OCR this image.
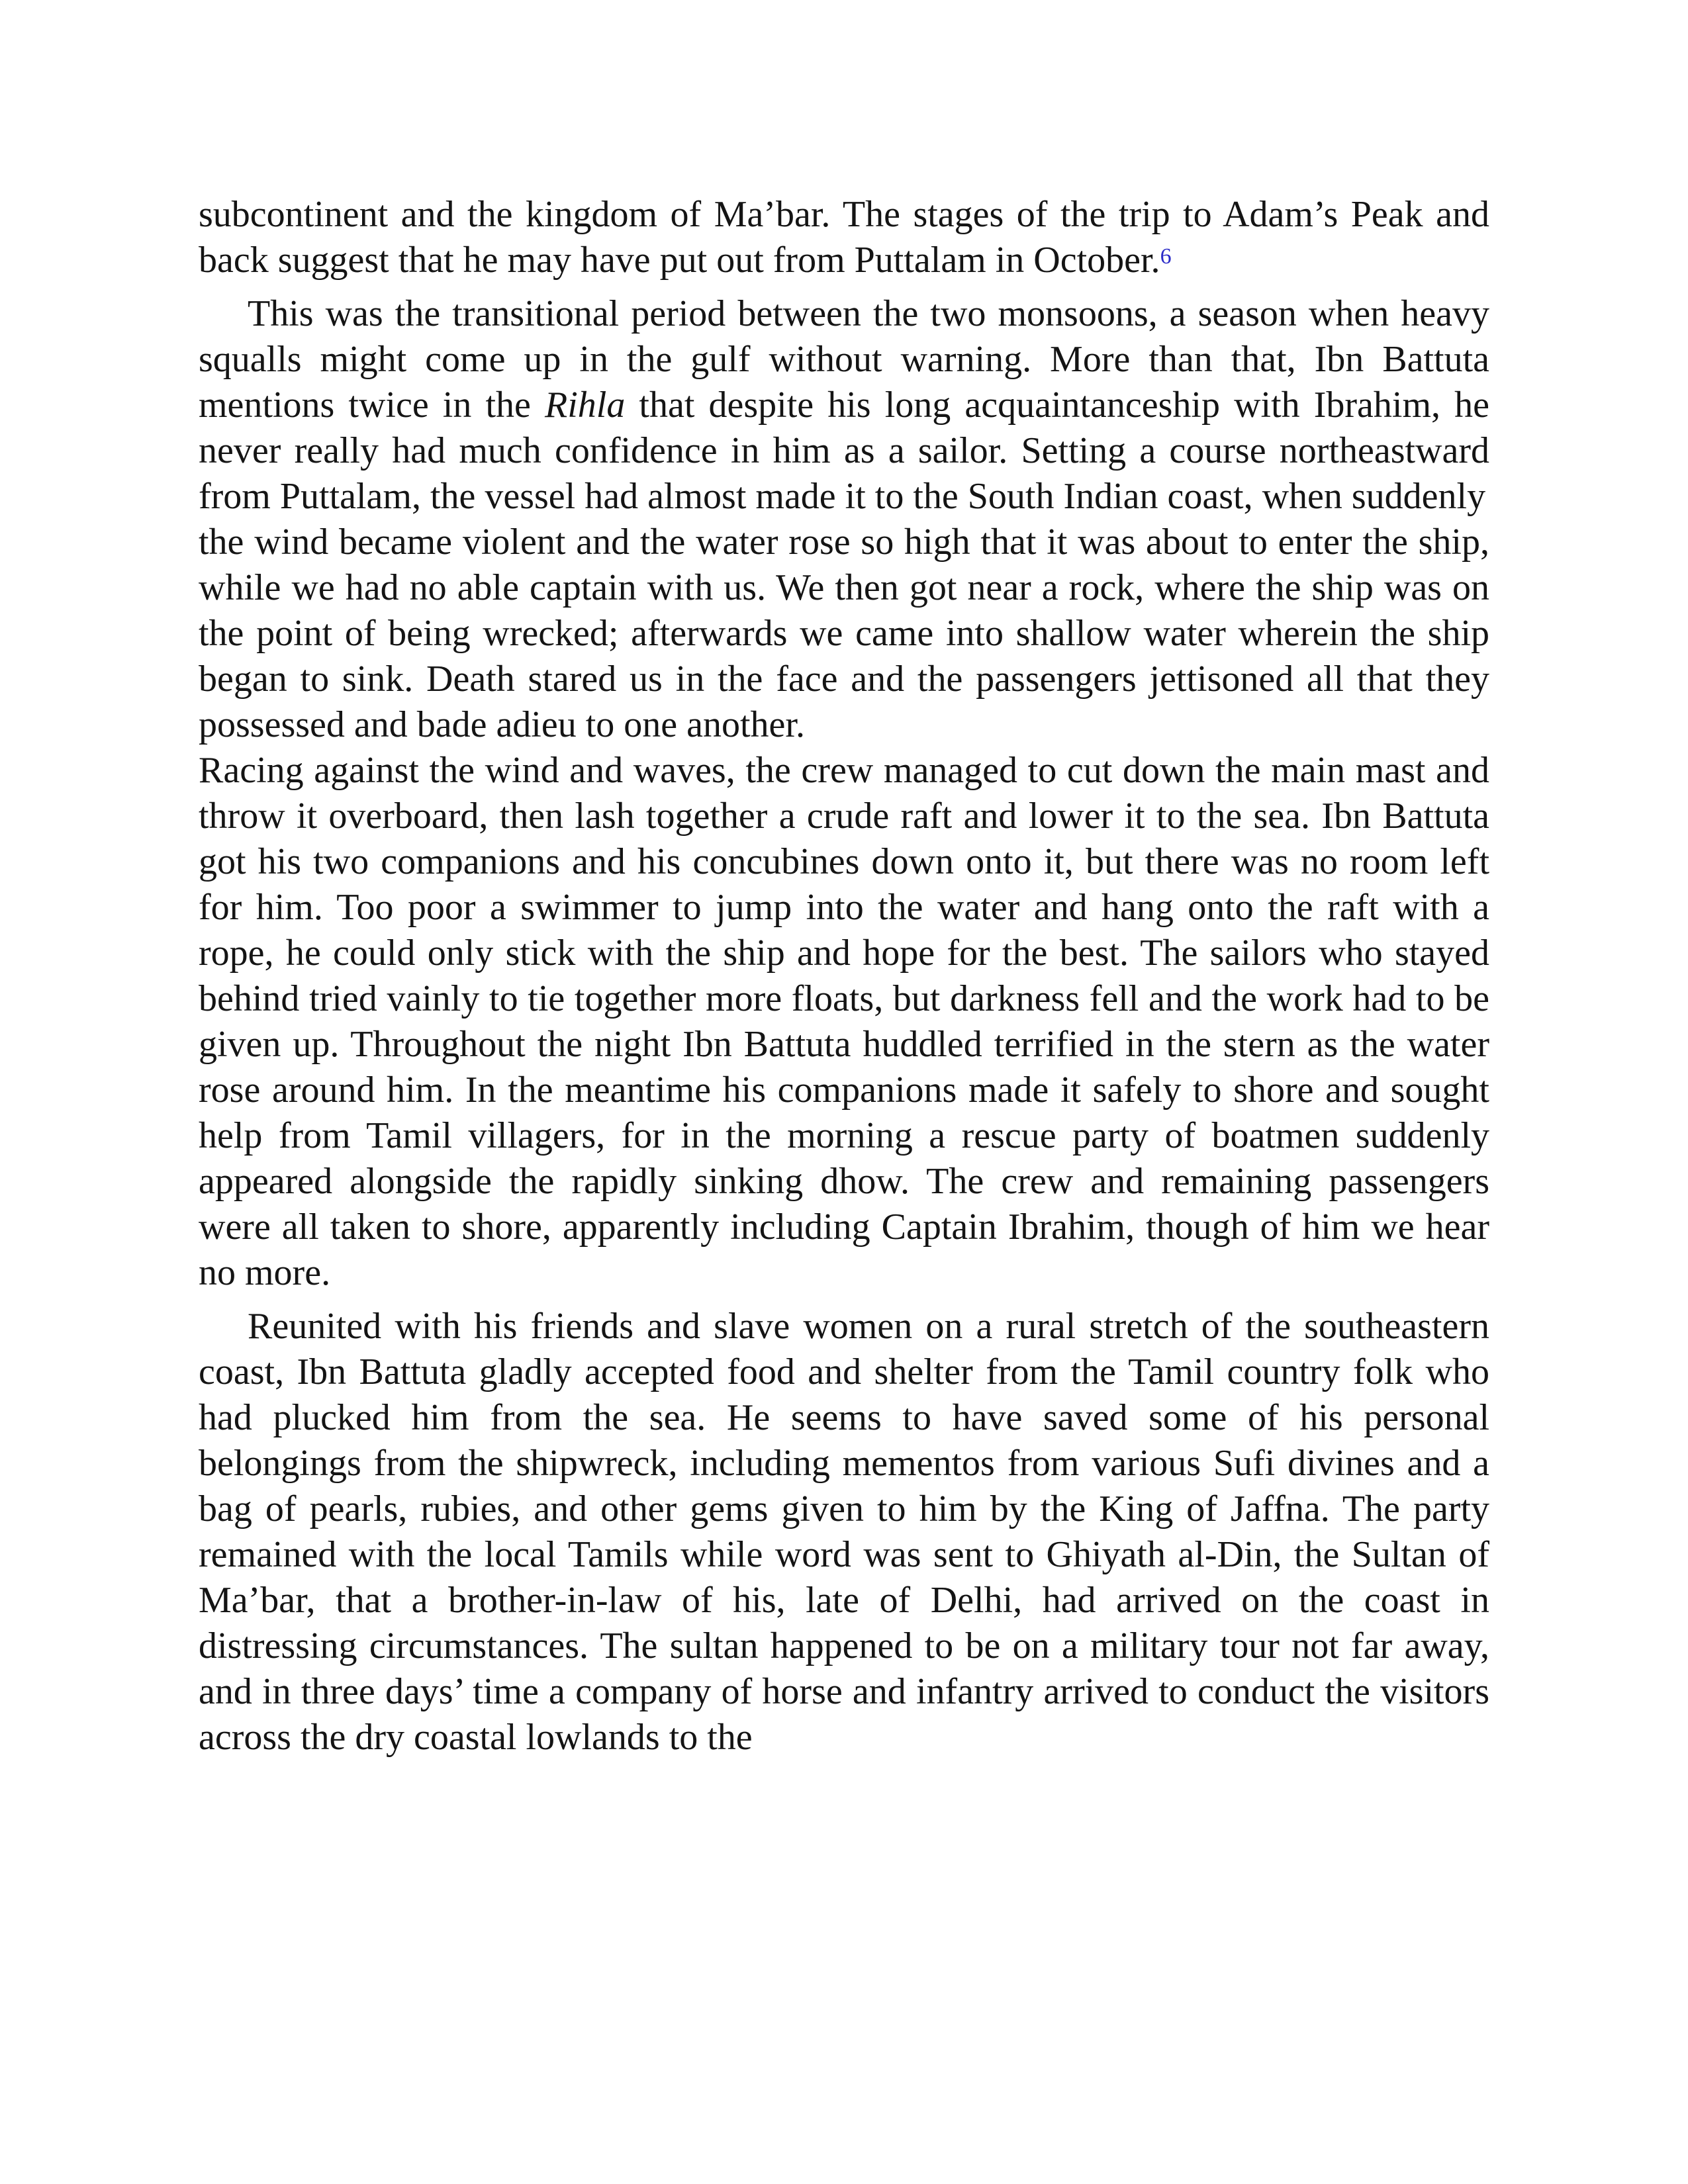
subcontinent and the kingdom of Ma’bar. The stages of the trip to Adam’s Peak and back suggest that he may have put out from Puttalam in October.$^6$

This was the transitional period between the two monsoons, a season when heavy squalls might come up in the gulf without warning. More than that, Ibn Battuta mentions twice in the Rihla that despite his long acquaintanceship with Ibrahim, he never really had much confidence in him as a sailor. Setting a course northeastward from Puttalam, the vessel had almost made it to the South Indian coast, when suddenly

the wind became violent and the water rose so high that it was about to enter the ship, while we had no able captain with us. We then got near a rock, where the ship was on the point of being wrecked; afterwards we came into shallow water wherein the ship began to sink. Death stared us in the face and the passengers jettisoned all that they possessed and bade adieu to one another.

Racing against the wind and waves, the crew managed to cut down the main mast and throw it overboard, then lash together a crude raft and lower it to the sea. Ibn Battuta got his two companions and his concubines down onto it, but there was no room left for him. Too poor a swimmer to jump into the water and hang onto the raft with a rope, he could only stick with the ship and hope for the best. The sailors who stayed behind tried vainly to tie together more floats, but darkness fell and the work had to be given up. Throughout the night Ibn Battuta huddled terrified in the stern as the water rose around him. In the meantime his companions made it safely to shore and sought help from Tamil villagers, for in the morning a rescue party of boatmen suddenly appeared alongside the rapidly sinking dhow. The crew and remaining passengers were all taken to shore, apparently including Captain Ibrahim, though of him we hear no more.

Reunited with his friends and slave women on a rural stretch of the southeastern coast, Ibn Battuta gladly accepted food and shelter from the Tamil country folk who had plucked him from the sea. He seems to have saved some of his personal belongings from the shipwreck, including mementos from various Sufi divines and a bag of pearls, rubies, and other gems given to him by the King of Jaffna. The party remained with the local Tamils while word was sent to Ghiyath al-Din, the Sultan of Ma’bar, that a brother-in-law of his, late of Delhi, had arrived on the coast in distressing circumstances. The sultan happened to be on a military tour not far away, and in three days’ time a company of horse and infantry arrived to conduct the visitors across the dry coastal lowlands to the
